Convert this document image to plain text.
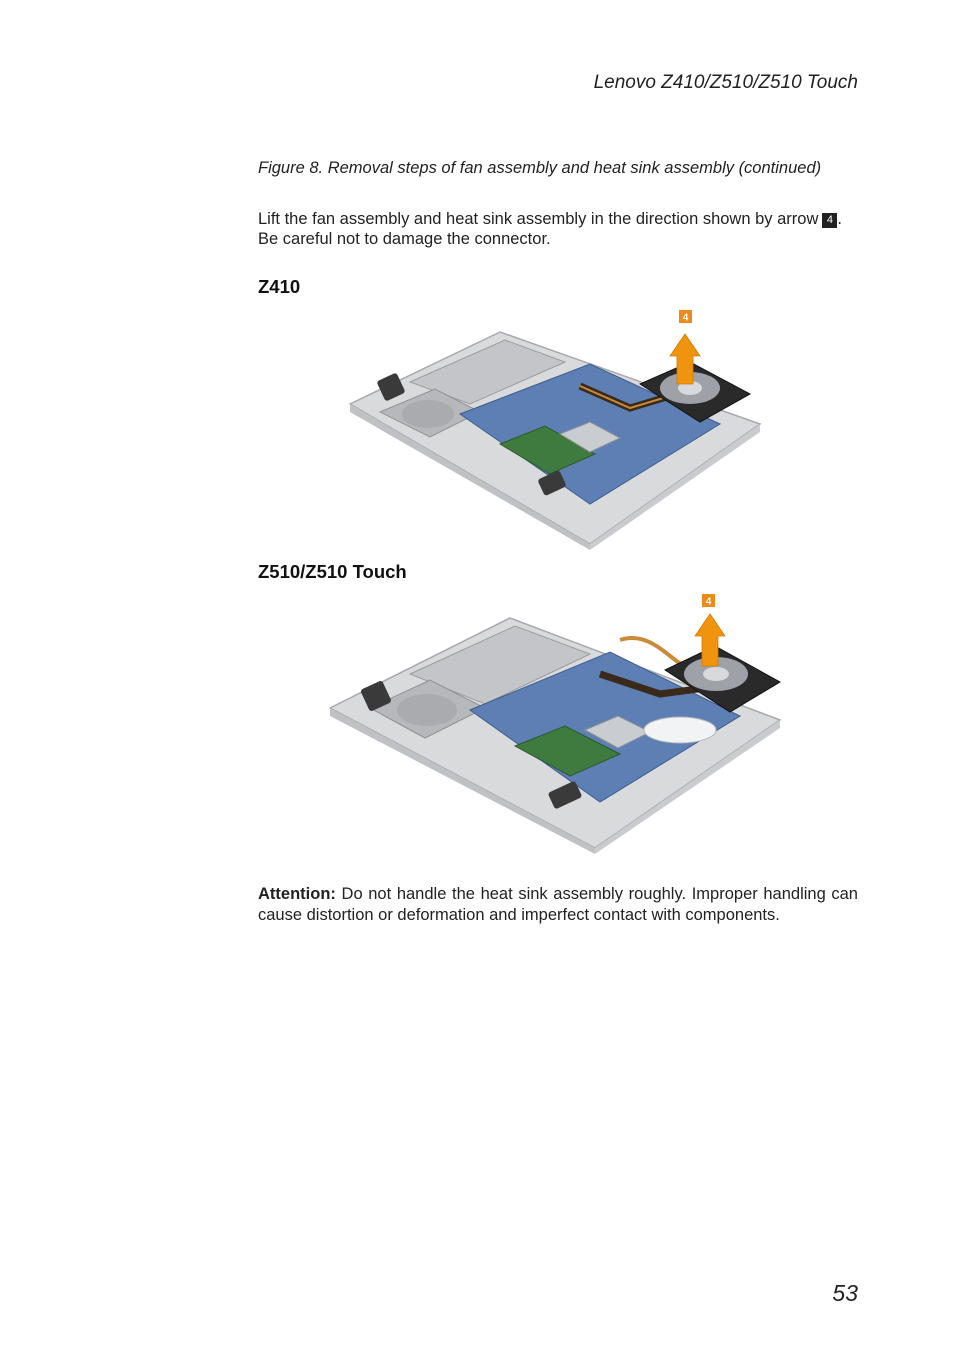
Lenovo Z410/Z510/Z510 Touch
Figure 8. Removal steps of fan assembly and heat sink assembly (continued)
Lift the fan assembly and heat sink assembly in the direction shown by arrow 4 . Be careful not to damage the connector.
Z410
4
Z510/Z510 Touch
4
Attention: Do not handle the heat sink assembly roughly. Improper handling can cause distortion or deformation and imperfect contact with components.
53
